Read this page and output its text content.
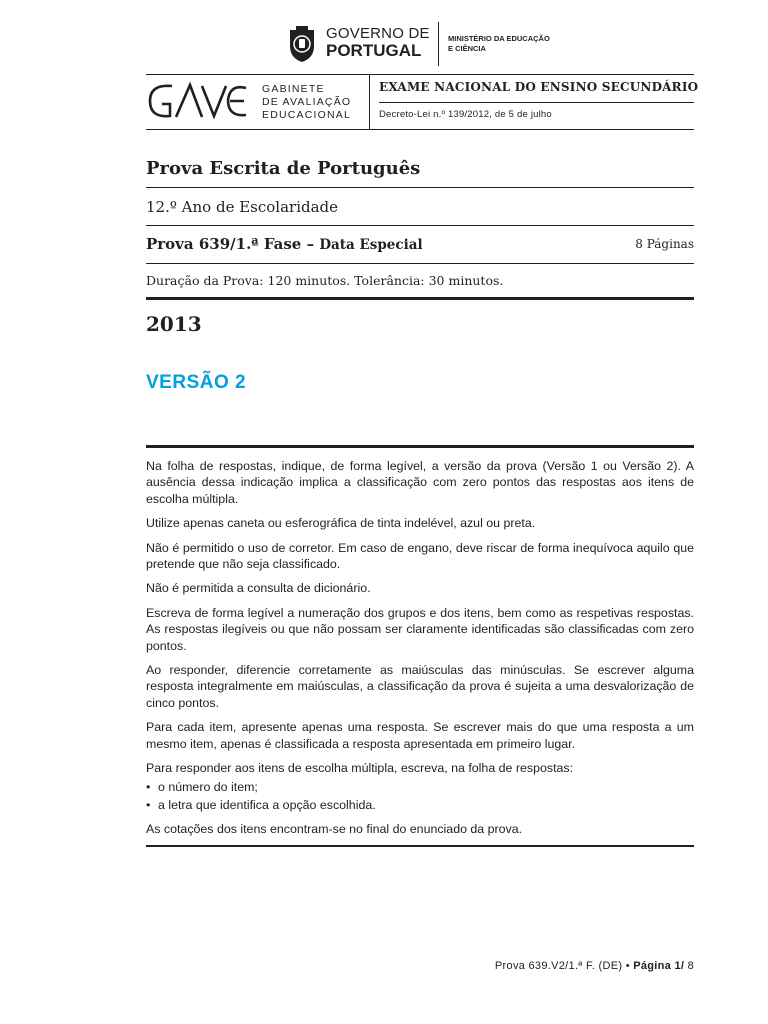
GOVERNO DE
PORTUGAL
MINISTÉRIO DA EDUCAÇÃO
E CIÊNCIA
GABINETE
DE AVALIAÇÃO
EDUCACIONAL
EXAME NACIONAL DO ENSINO SECUNDÁRIO
Decreto-Lei n.º 139/2012, de 5 de julho
Prova Escrita de Português
12.º Ano de Escolaridade
Prova 639/1.ª Fase – Data Especial	8 Páginas
Duração da Prova: 120 minutos. Tolerância: 30 minutos.
2013
VERSÃO 2

Na folha de respostas, indique, de forma legível, a versão da prova (Versão 1 ou Versão 2). A ausência dessa indicação implica a classificação com zero pontos das respostas aos itens de escolha múltipla.

Utilize apenas caneta ou esferográfica de tinta indelével, azul ou preta.

Não é permitido o uso de corretor. Em caso de engano, deve riscar de forma inequívoca aquilo que pretende que não seja classificado.

Não é permitida a consulta de dicionário.

Escreva de forma legível a numeração dos grupos e dos itens, bem como as respetivas respostas. As respostas ilegíveis ou que não possam ser claramente identificadas são classificadas com zero pontos.

Ao responder, diferencie corretamente as maiúsculas das minúsculas. Se escrever alguma resposta integralmente em maiúsculas, a classificação da prova é sujeita a uma desvalorização de cinco pontos.

Para cada item, apresente apenas uma resposta. Se escrever mais do que uma resposta a um mesmo item, apenas é classificada a resposta apresentada em primeiro lugar.

Para responder aos itens de escolha múltipla, escreva, na folha de respostas:

• o número do item;
• a letra que identifica a opção escolhida.

As cotações dos itens encontram-se no final do enunciado da prova.

Prova 639.V2/1.ª F. (DE) • Página 1/ 8
